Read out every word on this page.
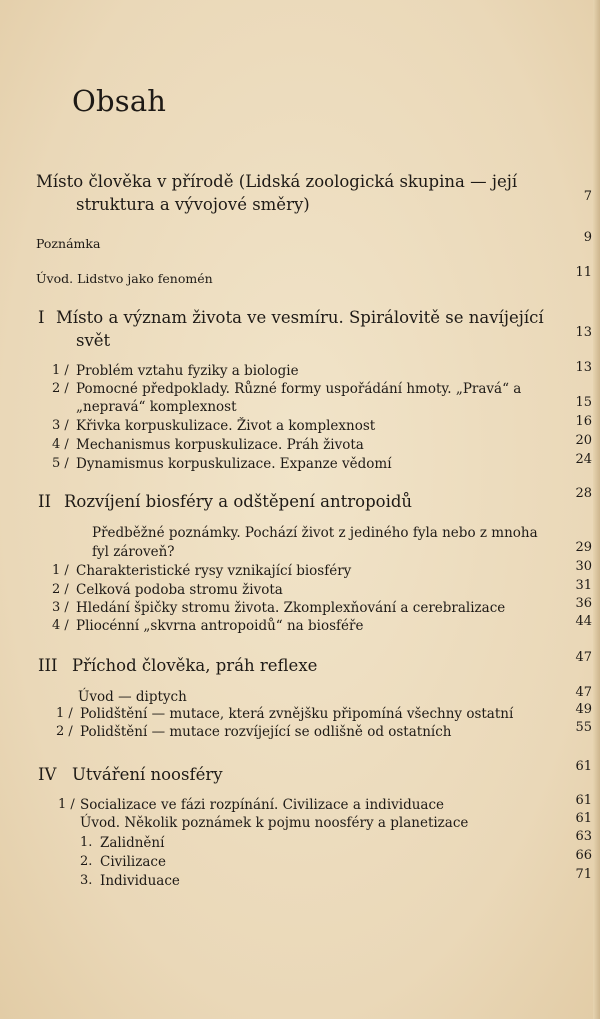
Obsah
Místo člověka v přírodě (Lidská zoologická skupina — její
struktura a vývojové směry)	7
Poznámka	9
Úvod. Lidstvo jako fenomén	11
I Místo a význam života ve vesmíru. Spirálovitě se navíjející
svět	13
1 / Problém vztahu fyziky a biologie	13
2 / Pomocné předpoklady. Různé formy uspořádání hmoty. „Pravá“ a
„nepravá“ komplexnost	15
3 / Křivka korpuskulizace. Život a komplexnost	16
4 / Mechanismus korpuskulizace. Práh života	20
5 / Dynamismus korpuskulizace. Expanze vědomí	24
II Rozvíjení biosféry a odštěpení antropoidů	28
Předběžné poznámky. Pochází život z jediného fyla nebo z mnoha
fyl zároveň?	29
1 / Charakteristické rysy vznikající biosféry	30
2 / Celková podoba stromu života	31
3 / Hledání špičky stromu života. Zkomplexňování a cerebralizace	36
4 / Pliocénní „skvrna antropoidů“ na biosféře	44
III Příchod člověka, práh reflexe	47
Úvod — diptych	47
1 / Polidštění — mutace, která zvnějšku připomíná všechny ostatní	49
2 / Polidštění — mutace rozvíjející se odlišně od ostatních	55
IV Utváření noosféry	61
1 / Socializace ve fázi rozpínání. Civilizace a individuace	61
Úvod. Několik poznámek k pojmu noosféry a planetizace	61
1. Zalidnění	63
2. Civilizace	66
3. Individuace	71
